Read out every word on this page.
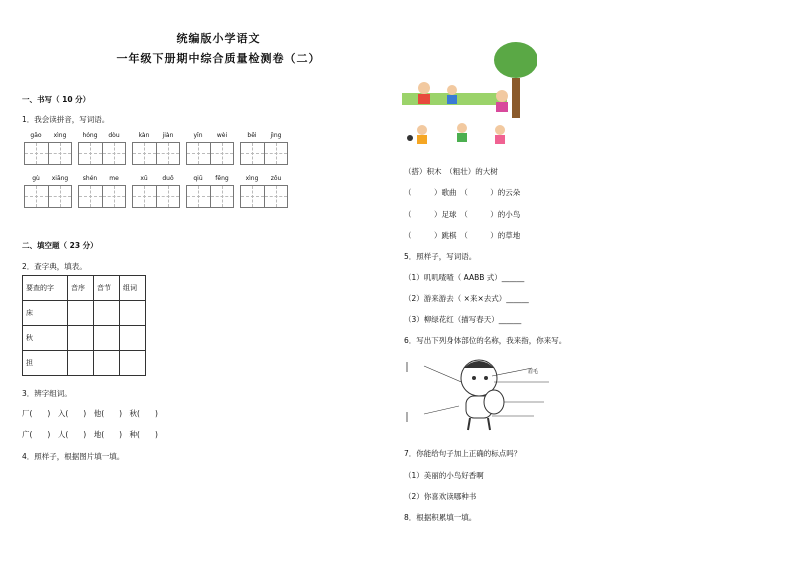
统编版小学语文
一年级下册期中综合质量检测卷（二）
一、书写（ 10 分）
1．我会读拼音，写词语。
gāo	xìng	hóng	dòu	kàn	jiàn	yīn	wèi	bēi	jìng
gù	xiāng	shén	me	xū	duō	qiū	fēng	xìng	zǒu
二、填空题（ 23 分）
2．查字典，填表。
要查的字	音序	音节	组词
床			
秋			
担			
3．辨字组词。
厂(　　)　入(　　)　他(　　)　秋(　　)
广(　　)　人(　　)　地(　　)　种(　　)
4．照样子，根据图片填一填。
（搭）积木　（粗壮）的大树
（　　　）歌曲　（　　　）的云朵
（　　　）足球　（　　　）的小鸟
（　　　）跳棋　（　　　）的草地
5．照样子，写词语。
（1）叽叽喳喳（ AABB 式）______
（2）游来游去（ ×来×去式）______
（3）柳绿花红（描写春天）______
6．写出下列身体部位的名称，我来指，你来写。
眉毛
7．你能给句子加上正确的标点吗？
（1）美丽的小鸟好香啊
（2）你喜欢读哪种书
8．根据积累填一填。
